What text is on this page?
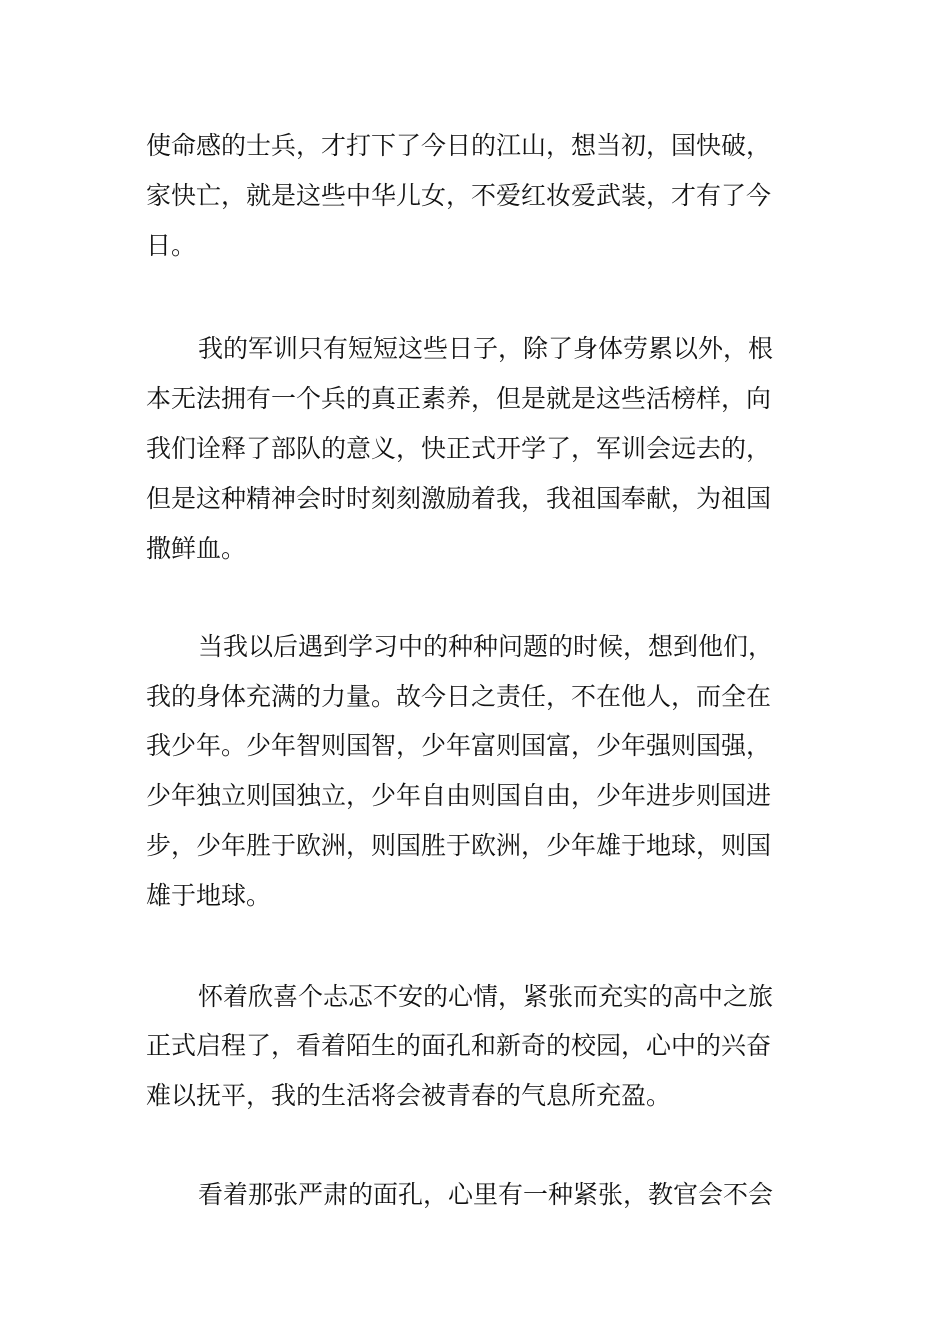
使命感的士兵，才打下了今日的江山，想当初，国快破，
家快亡，就是这些中华儿女，不爱红妆爱武装，才有了今
日。
我的军训只有短短这些日子，除了身体劳累以外，根
本无法拥有一个兵的真正素养，但是就是这些活榜样，向
我们诠释了部队的意义，快正式开学了，军训会远去的，
但是这种精神会时时刻刻激励着我，我祖国奉献，为祖国
撒鲜血。
当我以后遇到学习中的种种问题的时候，想到他们，
我的身体充满的力量。故今日之责任，不在他人，而全在
我少年。少年智则国智，少年富则国富，少年强则国强，
少年独立则国独立，少年自由则国自由，少年进步则国进
步，少年胜于欧洲，则国胜于欧洲，少年雄于地球，则国
雄于地球。
怀着欣喜个忐忑不安的心情，紧张而充实的高中之旅
正式启程了，看着陌生的面孔和新奇的校园，心中的兴奋
难以抚平，我的生活将会被青春的气息所充盈。
看着那张严肃的面孔，心里有一种紧张，教官会不会
